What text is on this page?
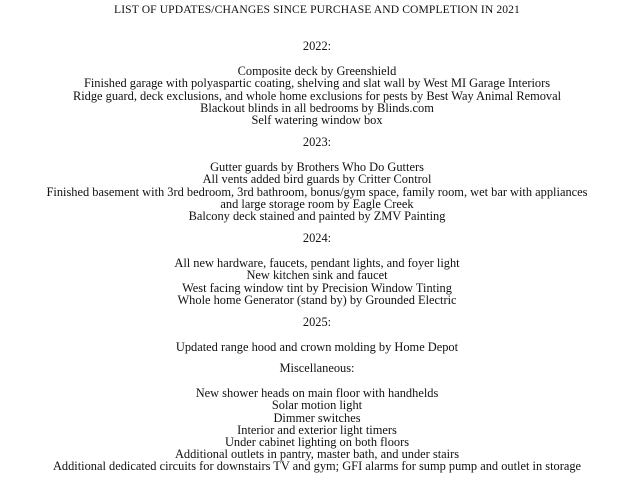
LIST OF UPDATES/CHANGES SINCE PURCHASE AND COMPLETION IN 2021
2022:
Composite deck by Greenshield
Finished garage with polyaspartic coating, shelving and slat wall by West MI Garage Interiors
Ridge guard, deck exclusions, and whole home exclusions for pests by Best Way Animal Removal
Blackout blinds in all bedrooms by Blinds.com
Self watering window box
2023:
Gutter guards by Brothers Who Do Gutters
All vents added bird guards by Critter Control
Finished basement with 3rd bedroom, 3rd bathroom, bonus/gym space, family room, wet bar with appliances
and large storage room by Eagle Creek
Balcony deck stained and painted by ZMV Painting
2024:
All new hardware, faucets, pendant lights, and foyer light
New kitchen sink and faucet
West facing window tint by Precision Window Tinting
Whole home Generator (stand by) by Grounded Electric
2025:
Updated range hood and crown molding by Home Depot
Miscellaneous:
New shower heads on main floor with handhelds
Solar motion light
Dimmer switches
Interior and exterior light timers
Under cabinet lighting on both floors
Additional outlets in pantry, master bath, and under stairs
Additional dedicated circuits for downstairs TV and gym; GFI alarms for sump pump and outlet in storage
